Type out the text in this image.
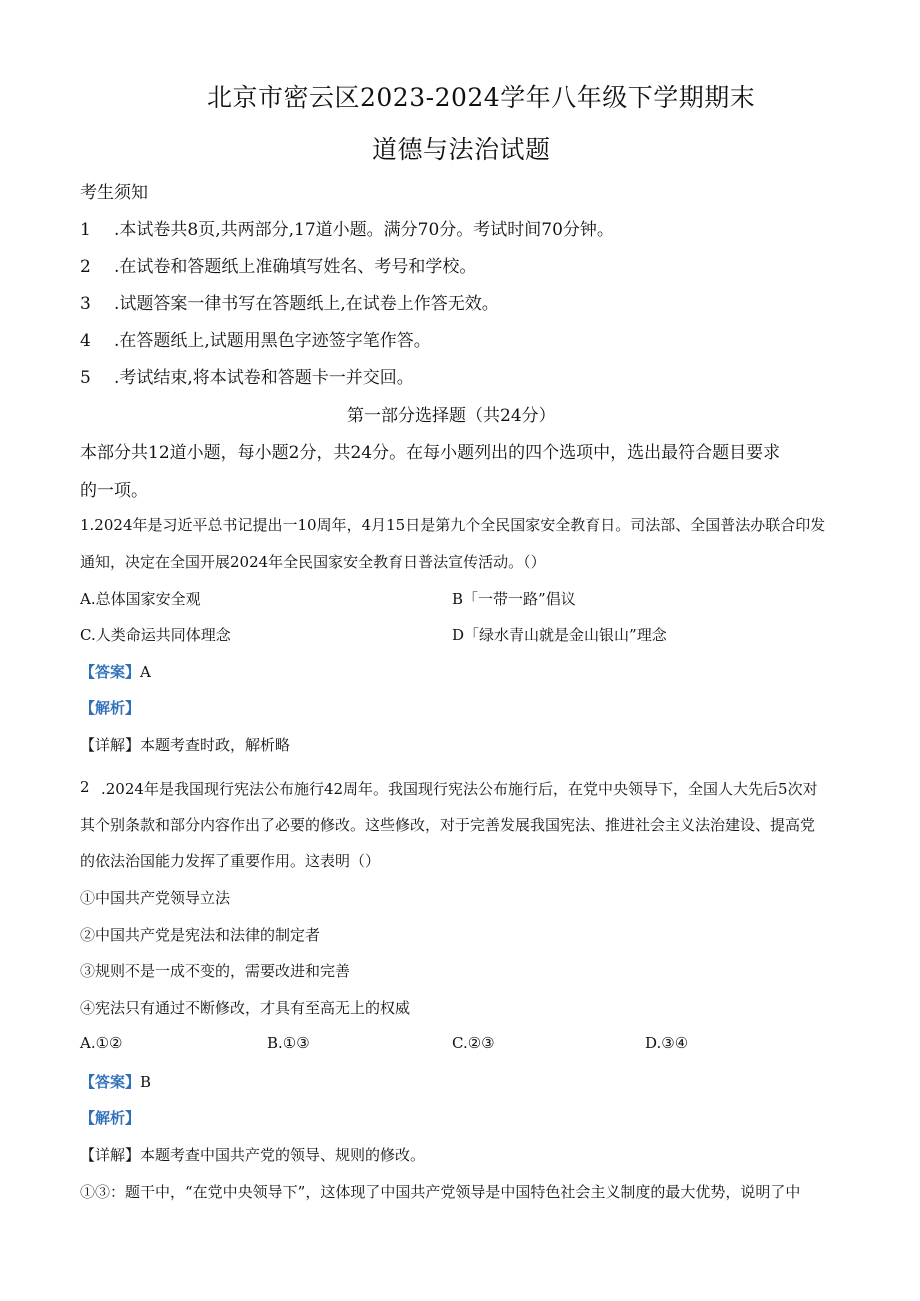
北京市密云区2023-2024学年八年级下学期期末
道德与法治试题
考生须知
1 .本试卷共8页,共两部分,17道小题。满分70分。考试时间70分钟。
2 .在试卷和答题纸上准确填写姓名、考号和学校。
3 .试题答案一律书写在答题纸上,在试卷上作答无效。
4 .在答题纸上,试题用黑色字迹签字笔作答。
5 .考试结束,将本试卷和答题卡一并交回。
第一部分选择题（共24分）
本部分共12道小题，每小题2分，共24分。在每小题列出的四个选项中，选出最符合题目要求
的一项。
1.2024年是习近平总书记提出一10周年，4月15日是第九个全民国家安全教育日。司法部、全国普法办联合印发
通知，决定在全国开展2024年全民国家安全教育日普法宣传活动。（）
A.总体国家安全观	B「一带一路”倡议
C.人类命运共同体理念	D「绿水青山就是金山银山”理念
【答案】A
【解析】
【详解】本题考查时政，解析略
2 .2024年是我国现行宪法公布施行42周年。我国现行宪法公布施行后，在党中央领导下，全国人大先后5次对
其个别条款和部分内容作出了必要的修改。这些修改，对于完善发展我国宪法、推进社会主义法治建设、提高党
的依法治国能力发挥了重要作用。这表明（）
①中国共产党领导立法
②中国共产党是宪法和法律的制定者
③规则不是一成不变的，需要改进和完善
④宪法只有通过不断修改，才具有至高无上的权威
A.①②	B.①③	C.②③	D.③④
【答案】B
【解析】
【详解】本题考查中国共产党的领导、规则的修改。
①③：题干中，“在党中央领导下”，这体现了中国共产党领导是中国特色社会主义制度的最大优势，说明了中
